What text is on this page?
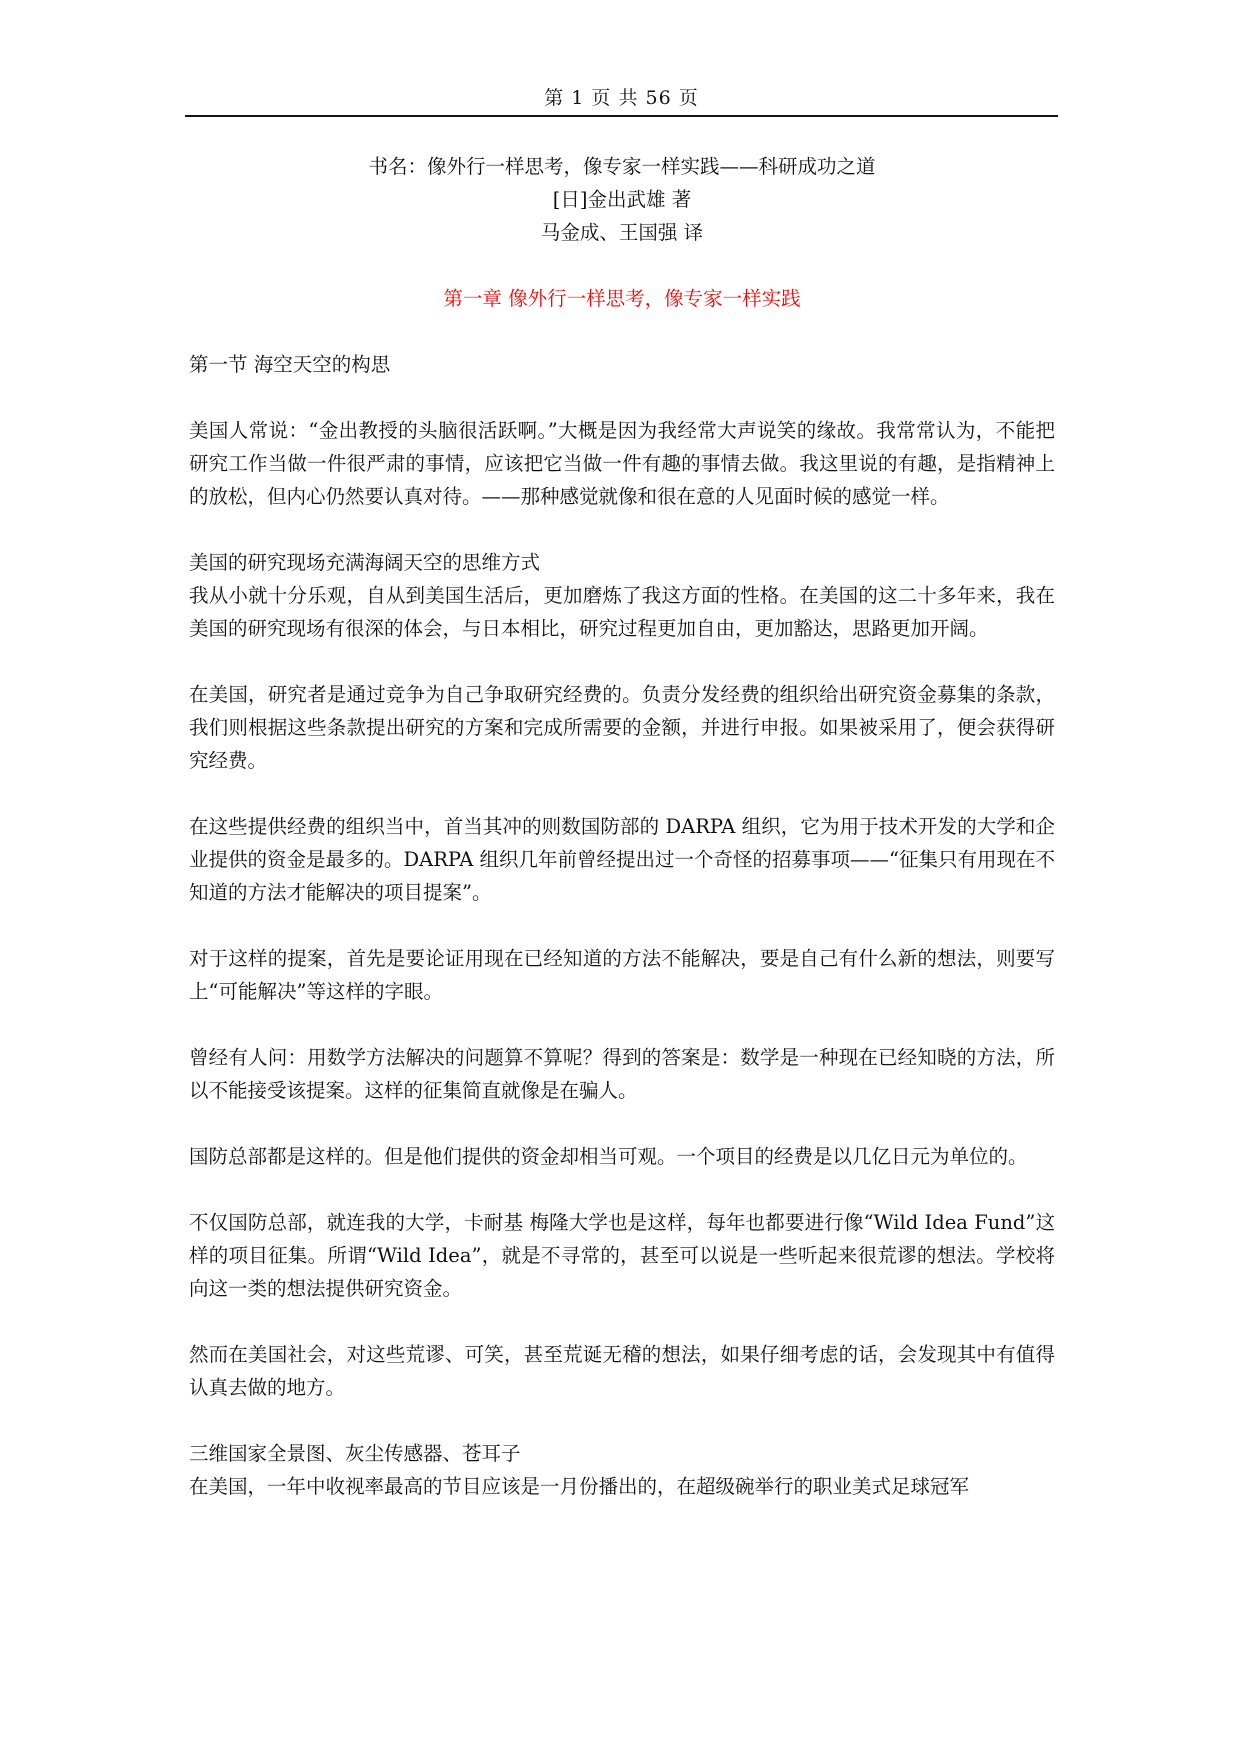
第 1 页 共 56 页
书名：像外行一样思考，像专家一样实践——科研成功之道
[日]金出武雄 著
马金成、王国强 译
第一章 像外行一样思考，像专家一样实践
第一节 海空天空的构思

美国人常说：“金出教授的头脑很活跃啊。”大概是因为我经常大声说笑的缘故。我常常认为，不能把研究工作当做一件很严肃的事情，应该把它当做一件有趣的事情去做。我这里说的有趣，是指精神上的放松，但内心仍然要认真对待。——那种感觉就像和很在意的人见面时候的感觉一样。

美国的研究现场充满海阔天空的思维方式

我从小就十分乐观，自从到美国生活后，更加磨炼了我这方面的性格。在美国的这二十多年来，我在美国的研究现场有很深的体会，与日本相比，研究过程更加自由，更加豁达，思路更加开阔。

在美国，研究者是通过竞争为自己争取研究经费的。负责分发经费的组织给出研究资金募集的条款，我们则根据这些条款提出研究的方案和完成所需要的金额，并进行申报。如果被采用了，便会获得研究经费。

在这些提供经费的组织当中，首当其冲的则数国防部的 DARPA 组织，它为用于技术开发的大学和企业提供的资金是最多的。DARPA 组织几年前曾经提出过一个奇怪的招募事项——“征集只有用现在不知道的方法才能解决的项目提案”。

对于这样的提案，首先是要论证用现在已经知道的方法不能解决，要是自己有什么新的想法，则要写上“可能解决”等这样的字眼。

曾经有人问：用数学方法解决的问题算不算呢？得到的答案是：数学是一种现在已经知晓的方法，所以不能接受该提案。这样的征集简直就像是在骗人。

国防总部都是这样的。但是他们提供的资金却相当可观。一个项目的经费是以几亿日元为单位的。

不仅国防总部，就连我的大学，卡耐基 梅隆大学也是这样，每年也都要进行像“Wild Idea Fund”这样的项目征集。所谓“Wild Idea”，就是不寻常的，甚至可以说是一些听起来很荒谬的想法。学校将向这一类的想法提供研究资金。

然而在美国社会，对这些荒谬、可笑，甚至荒诞无稽的想法，如果仔细考虑的话，会发现其中有值得认真去做的地方。

三维国家全景图、灰尘传感器、苍耳子

在美国，一年中收视率最高的节目应该是一月份播出的，在超级碗举行的职业美式足球冠军
